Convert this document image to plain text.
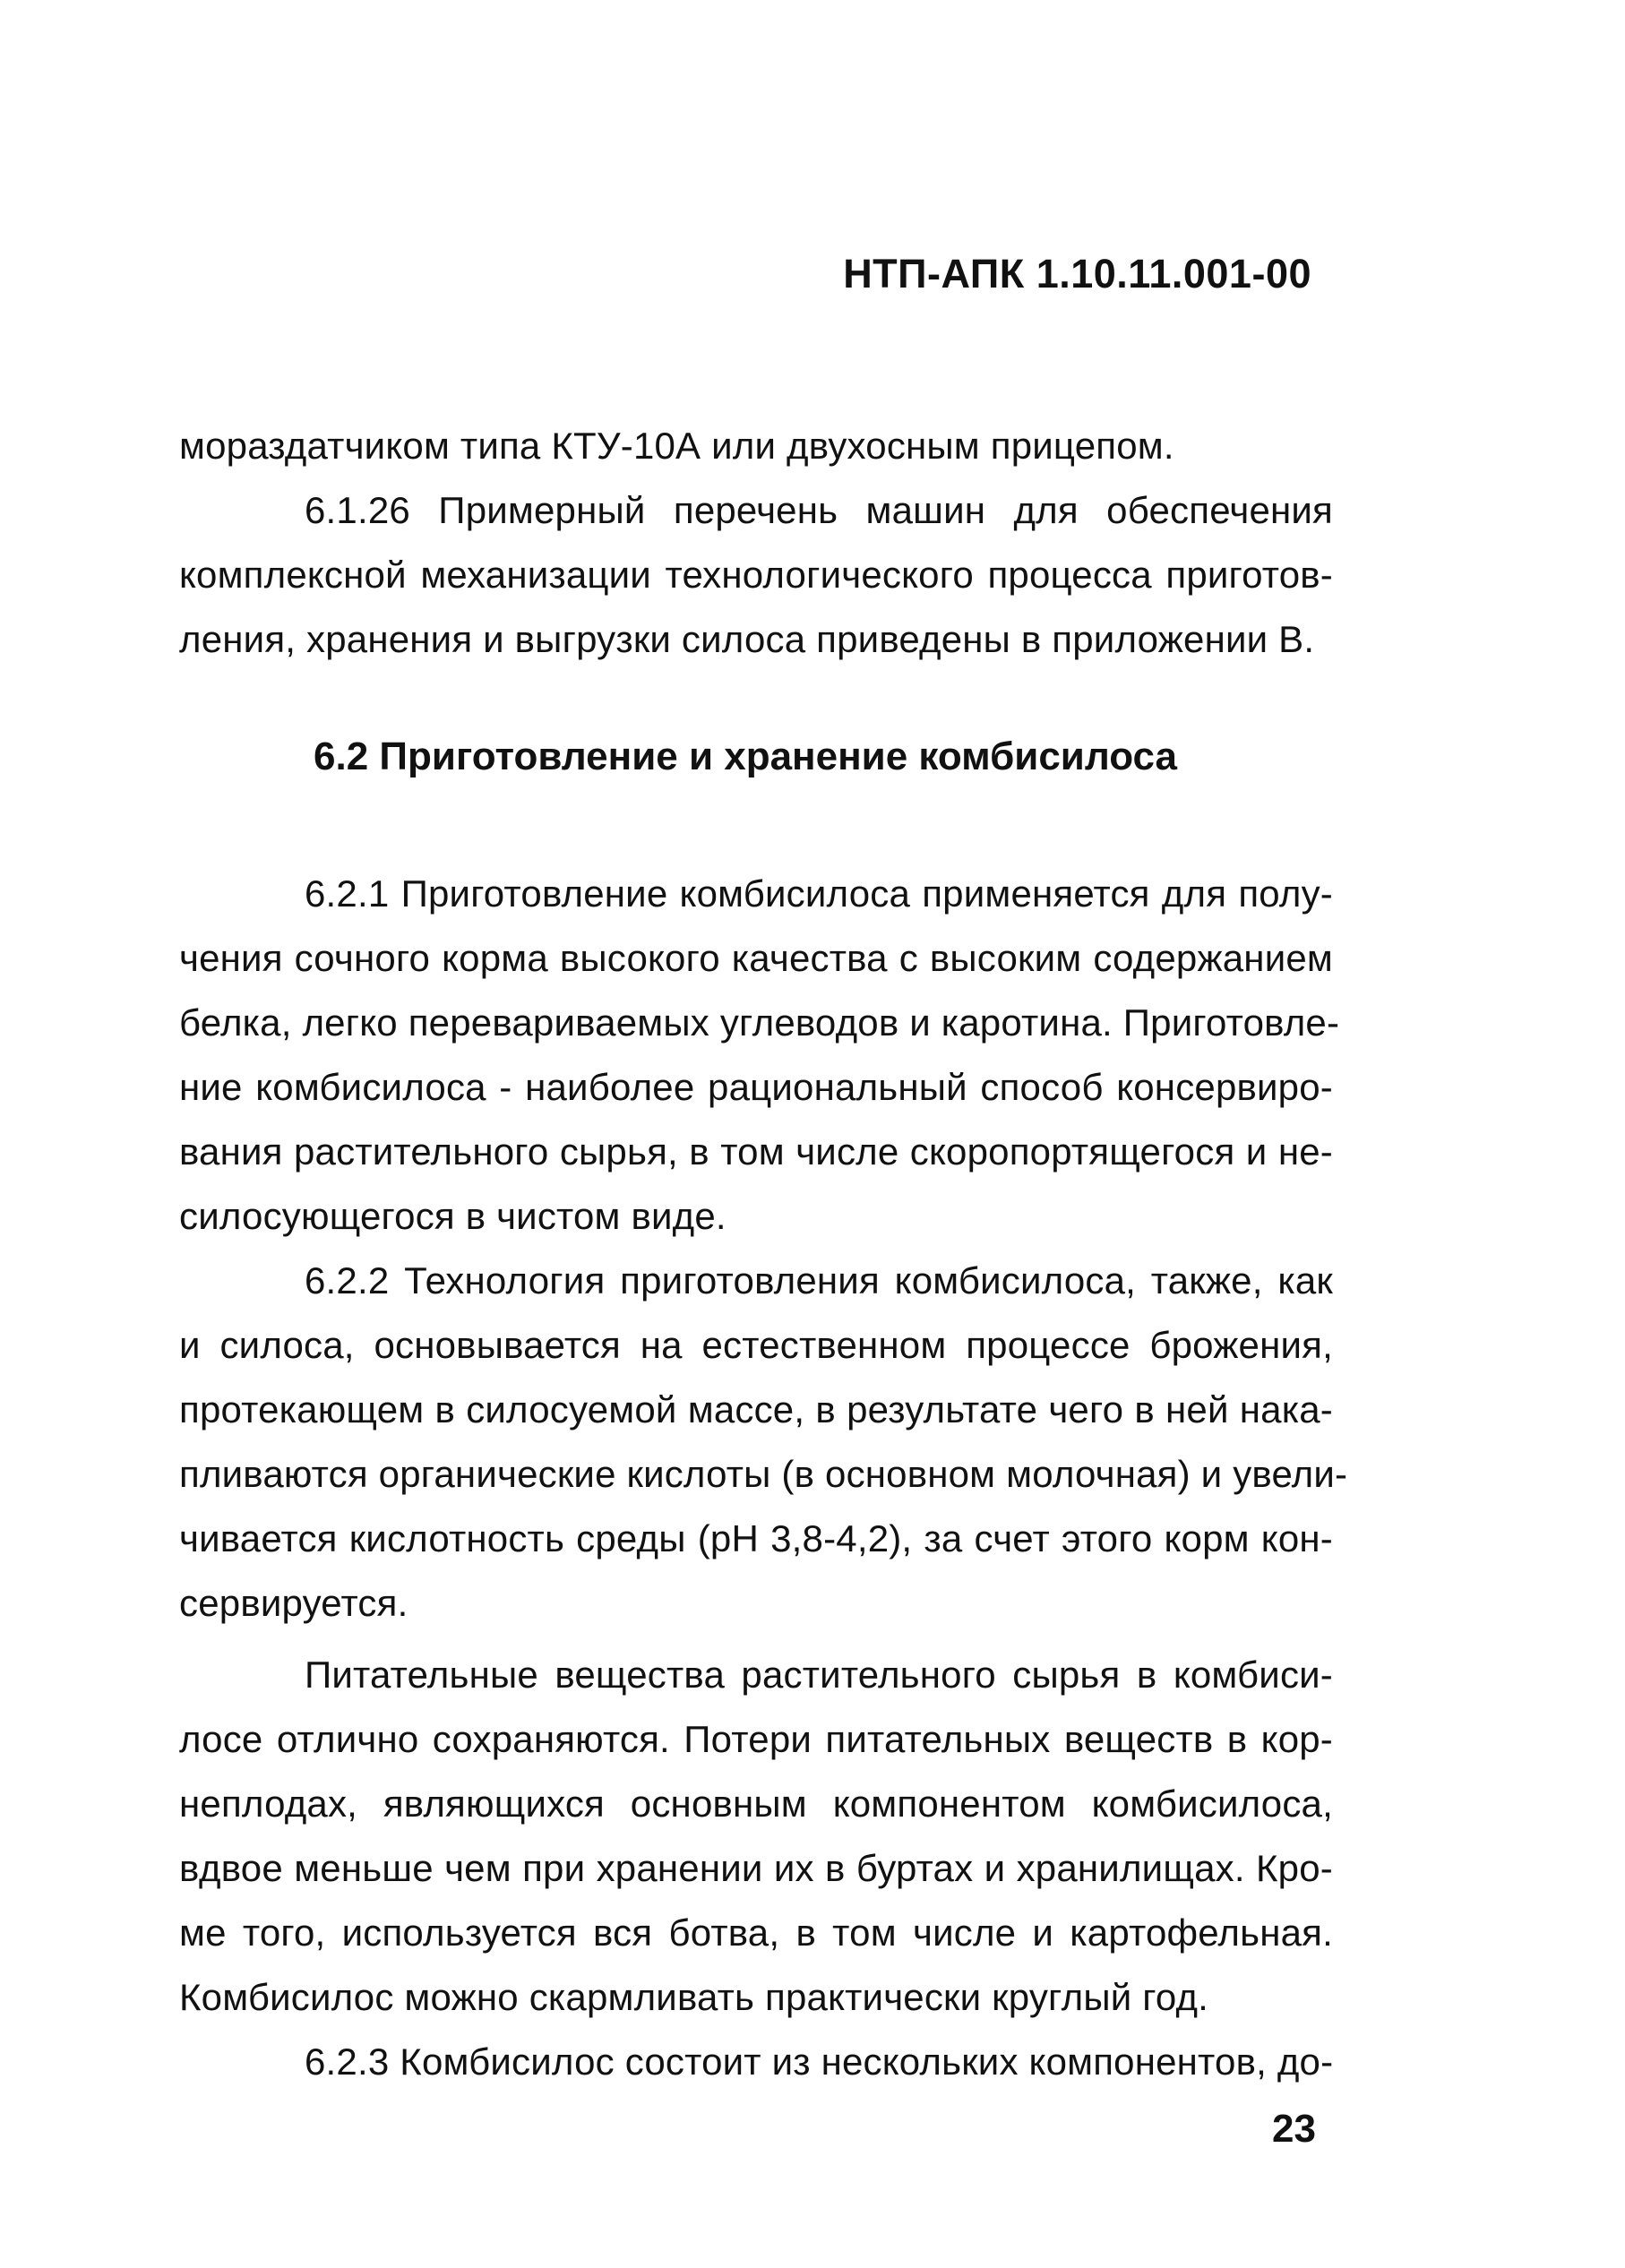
НТП-АПК 1.10.11.001-00
мораздатчиком типа КТУ-10А или двухосным прицепом.
6.1.26 Примерный перечень машин для обеспечения
комплексной механизации технологического процесса приготов-
ления, хранения и выгрузки силоса приведены в приложении В.
6.2 Приготовление и хранение комбисилоса
6.2.1 Приготовление комбисилоса применяется для полу-
чения сочного корма высокого качества с высоким содержанием
белка, легко перевариваемых углеводов и каротина. Приготовле-
ние комбисилоса - наиболее рациональный способ консервиро-
вания растительного сырья, в том числе скоропортящегося и не-
силосующегося в чистом виде.
6.2.2 Технология приготовления комбисилоса, также, как
и силоса, основывается на естественном процессе брожения,
протекающем в силосуемой массе, в результате чего в ней нака-
пливаются органические кислоты (в основном молочная) и увели-
чивается кислотность среды (рН 3,8-4,2), за счет этого корм кон-
сервируется.
Питательные вещества растительного сырья в комбиси-
лосе отлично сохраняются. Потери питательных веществ в кор-
неплодах, являющихся основным компонентом комбисилоса,
вдвое меньше чем при хранении их в буртах и хранилищах. Кро-
ме того, используется вся ботва, в том числе и картофельная.
Комбисилос можно скармливать практически круглый год.
6.2.3 Комбисилос состоит из нескольких компонентов, до-
23
